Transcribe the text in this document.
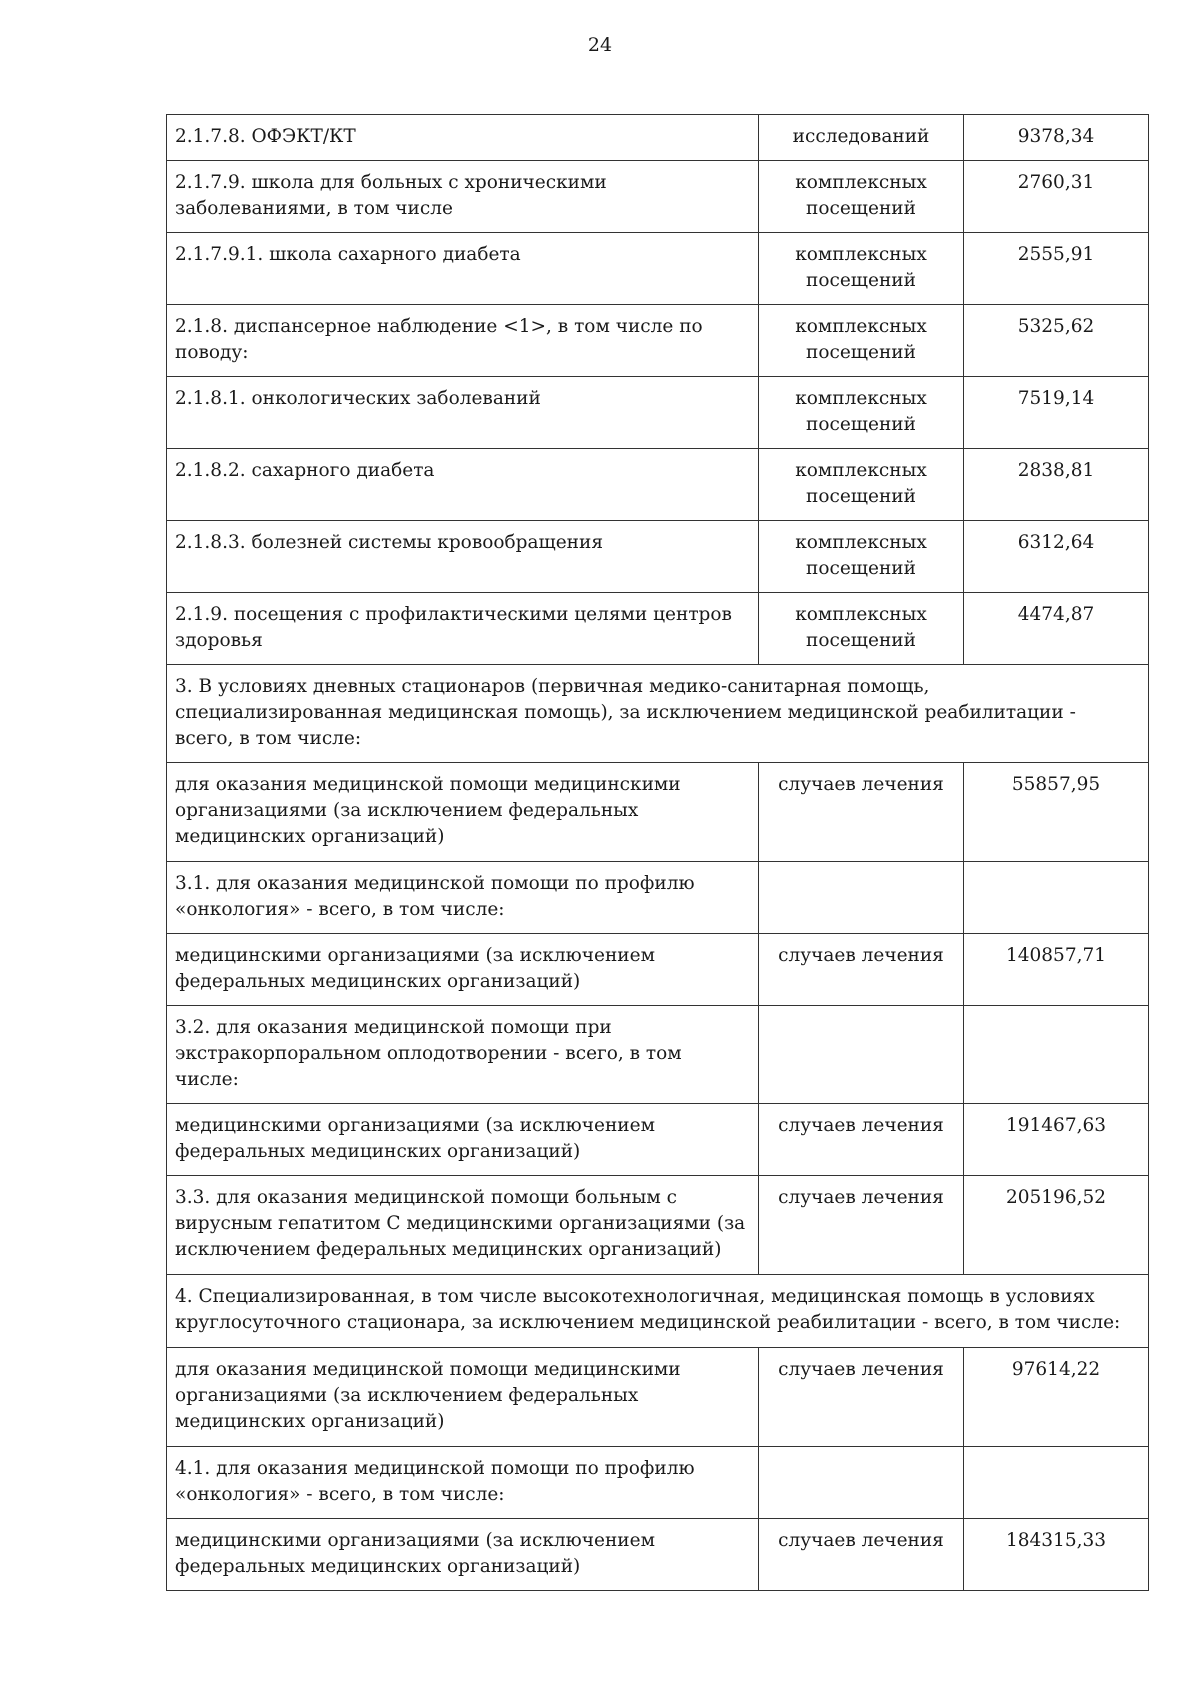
24
2.1.7.8. ОФЭКТ/КТ	исследований	9378,34
2.1.7.9. школа для больных с хроническими заболеваниями, в том числе	комплексных посещений	2760,31
2.1.7.9.1. школа сахарного диабета	комплексных посещений	2555,91
2.1.8. диспансерное наблюдение <1>, в том числе по поводу:	комплексных посещений	5325,62
2.1.8.1. онкологических заболеваний	комплексных посещений	7519,14
2.1.8.2. сахарного диабета	комплексных посещений	2838,81
2.1.8.3. болезней системы кровообращения	комплексных посещений	6312,64
2.1.9. посещения с профилактическими целями центров здоровья	комплексных посещений	4474,87
3. В условиях дневных стационаров (первичная медико-санитарная помощь, специализированная медицинская помощь), за исключением медицинской реабилитации - всего, в том числе:		
для оказания медицинской помощи медицинскими организациями (за исключением федеральных медицинских организаций)	случаев лечения	55857,95
3.1. для оказания медицинской помощи по профилю «онкология» - всего, в том числе:		
медицинскими организациями (за исключением федеральных медицинских организаций)	случаев лечения	140857,71
3.2. для оказания медицинской помощи при экстракорпоральном оплодотворении - всего, в том числе:		
медицинскими организациями (за исключением федеральных медицинских организаций)	случаев лечения	191467,63
3.3. для оказания медицинской помощи больным с вирусным гепатитом С медицинскими организациями (за исключением федеральных медицинских организаций)	случаев лечения	205196,52
4. Специализированная, в том числе высокотехнологичная, медицинская помощь в условиях круглосуточного стационара, за исключением медицинской реабилитации - всего, в том числе:		
для оказания медицинской помощи медицинскими организациями (за исключением федеральных медицинских организаций)	случаев лечения	97614,22
4.1. для оказания медицинской помощи по профилю «онкология» - всего, в том числе:		
медицинскими организациями (за исключением федеральных медицинских организаций)	случаев лечения	184315,33
